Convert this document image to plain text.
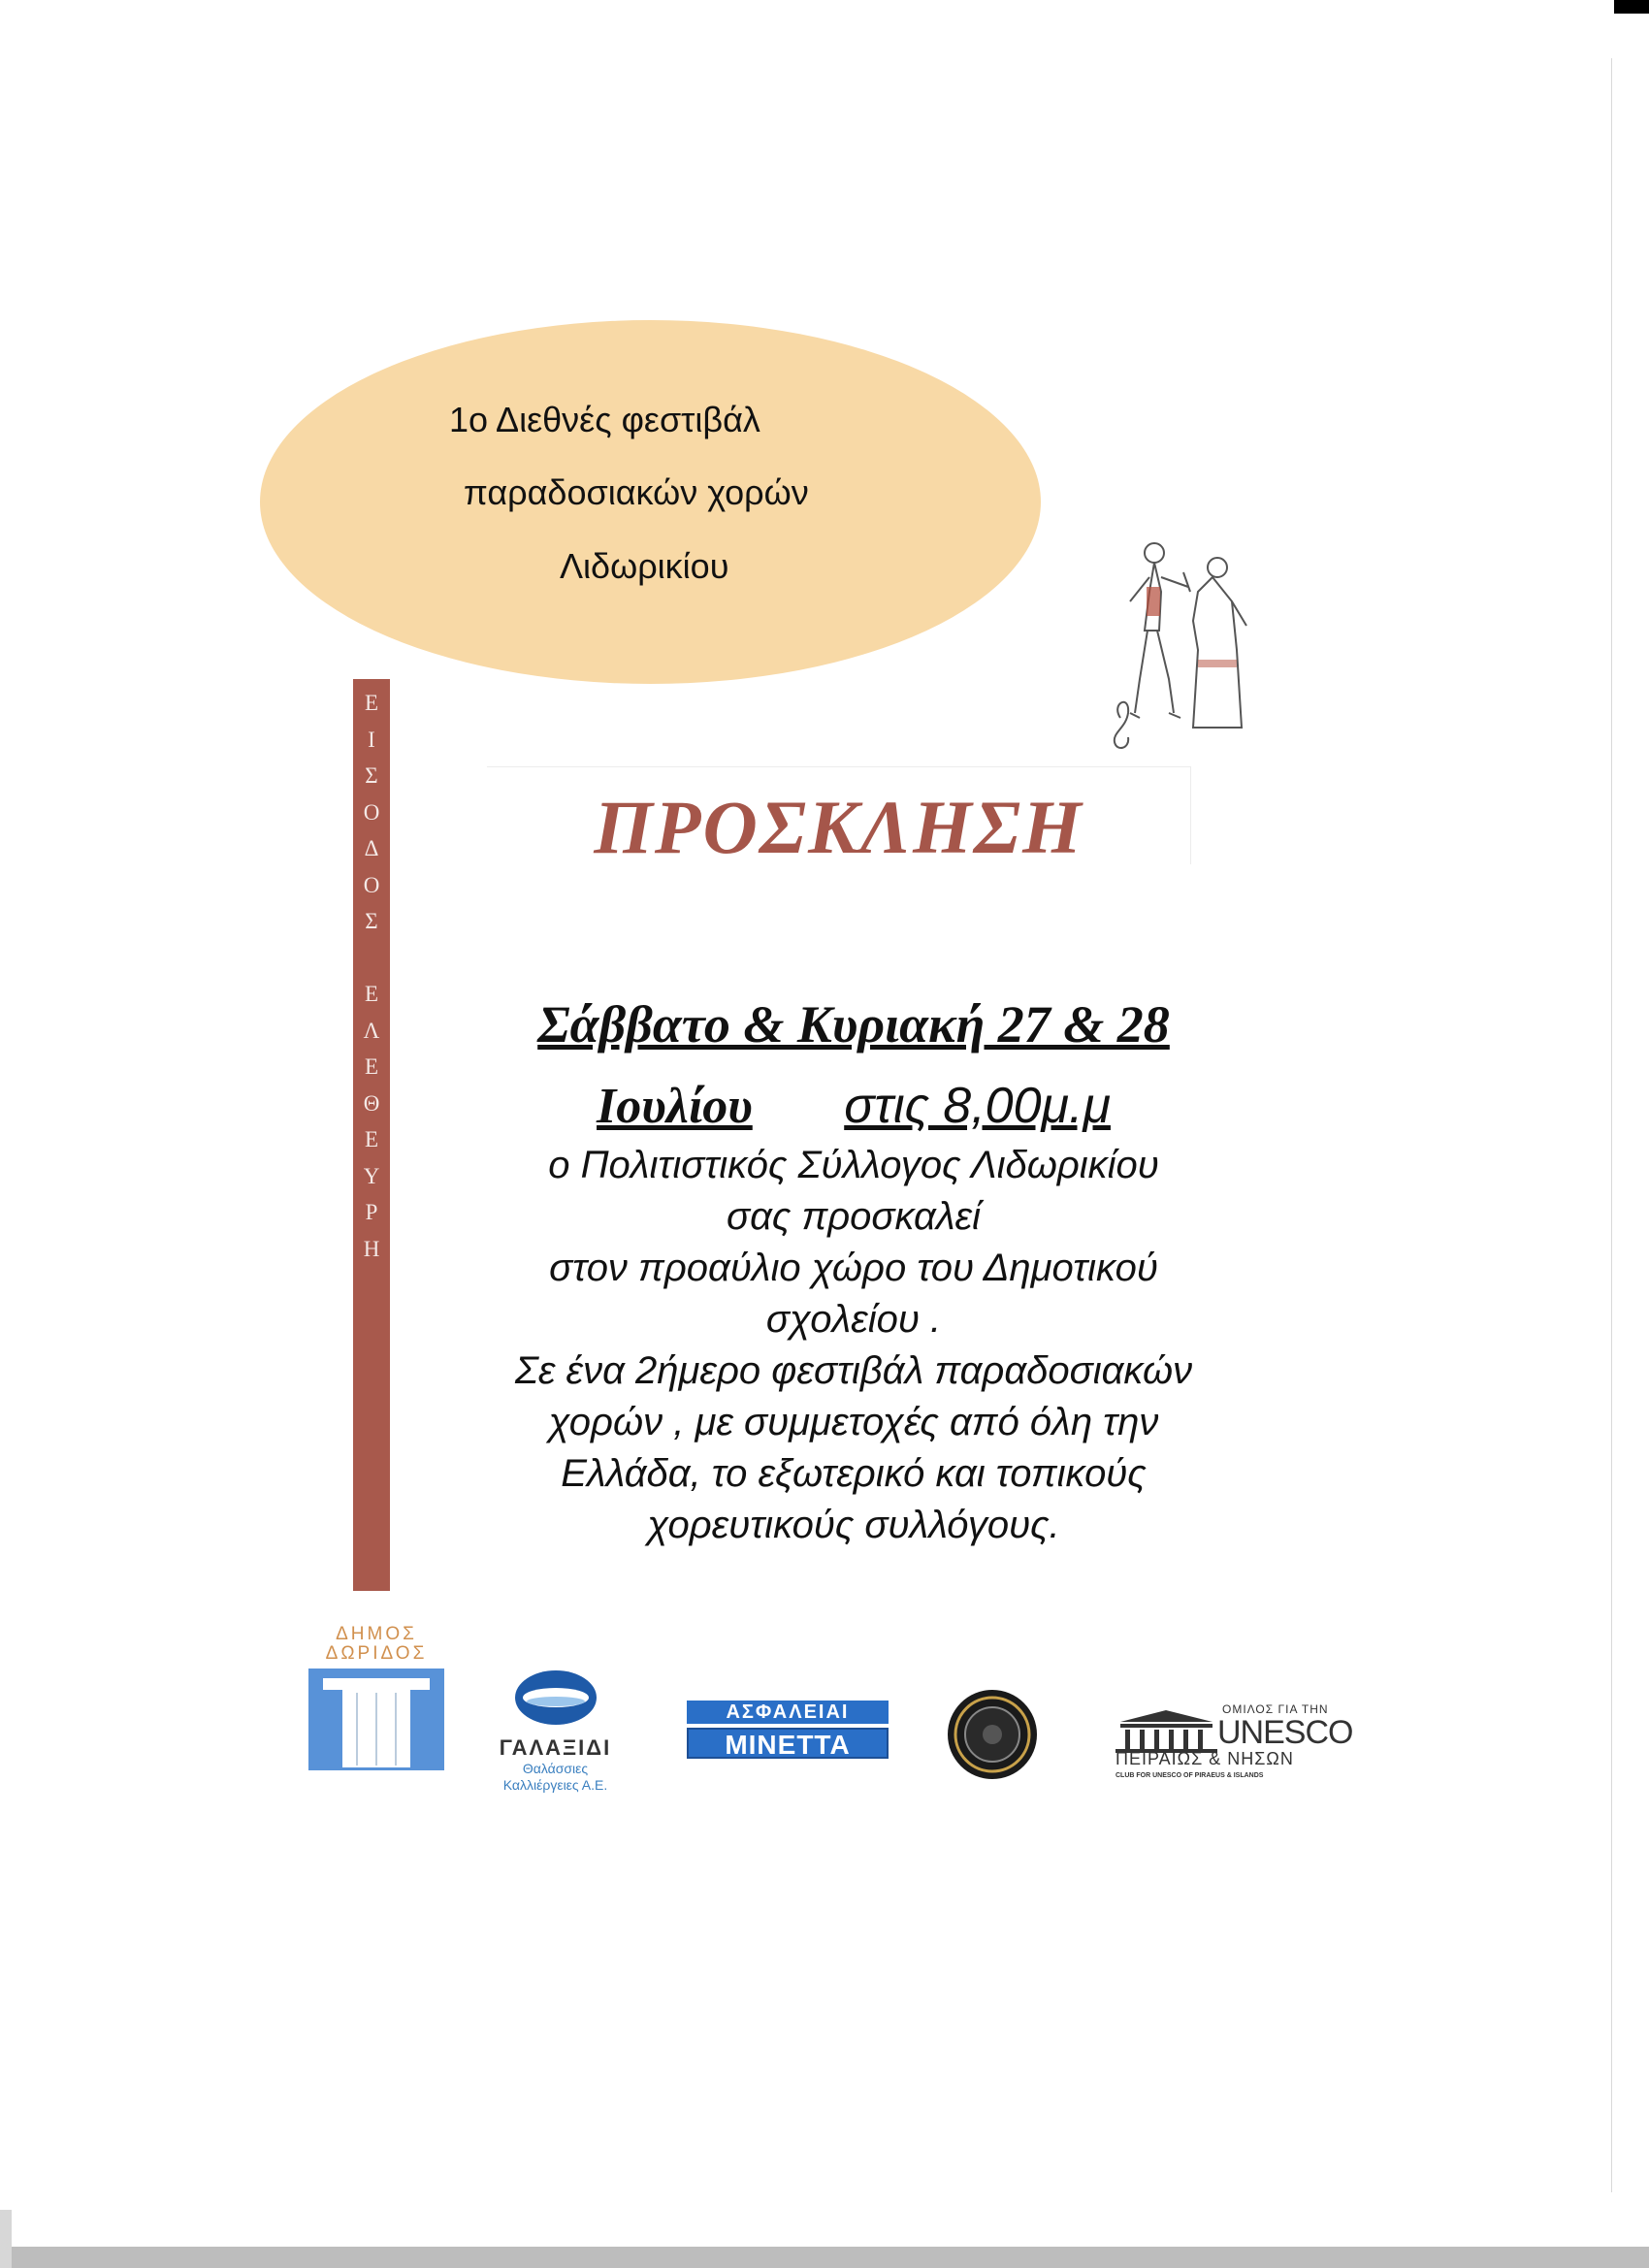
1ο Διεθνές φεστιβάλ
παραδοσιακών χορών
Λιδωρικίου
Ε
Ι
Σ
Ο
Δ
Ο
Σ
Ε
Λ
Ε
Θ
Ε
Υ
Ρ
Η
ΠΡΟΣΚΛΗΣΗ
Σάββατο & Κυριακή 27 & 28
Ιουλίου στις 8,00μ.μ
ο Πολιτιστικός Σύλλογος Λιδωρικίου
σας προσκαλεί
στον προαύλιο χώρο του Δημοτικού
σχολείου .
Σε ένα 2ήμερο φεστιβάλ παραδοσιακών
χορών , με συμμετοχές από όλη την
Ελλάδα, το εξωτερικό και τοπικούς
χορευτικούς συλλόγους.
ΔΗΜΟΣ
ΔΩΡΙΔΟΣ
ΓΑΛΑΞΙΔΙ
Θαλάσσιες
Καλλιέργειες Α.Ε.
ΑΣΦΑΛΕΙΑΙ
ΜΙΝΕΤΤΑ
ΟΜΙΛΟΣ ΓΙΑ ΤΗΝ
UNESCO
ΠΕΙΡΑΙΩΣ & ΝΗΣΩΝ
CLUB FOR UNESCO OF PIRAEUS & ISLANDS
